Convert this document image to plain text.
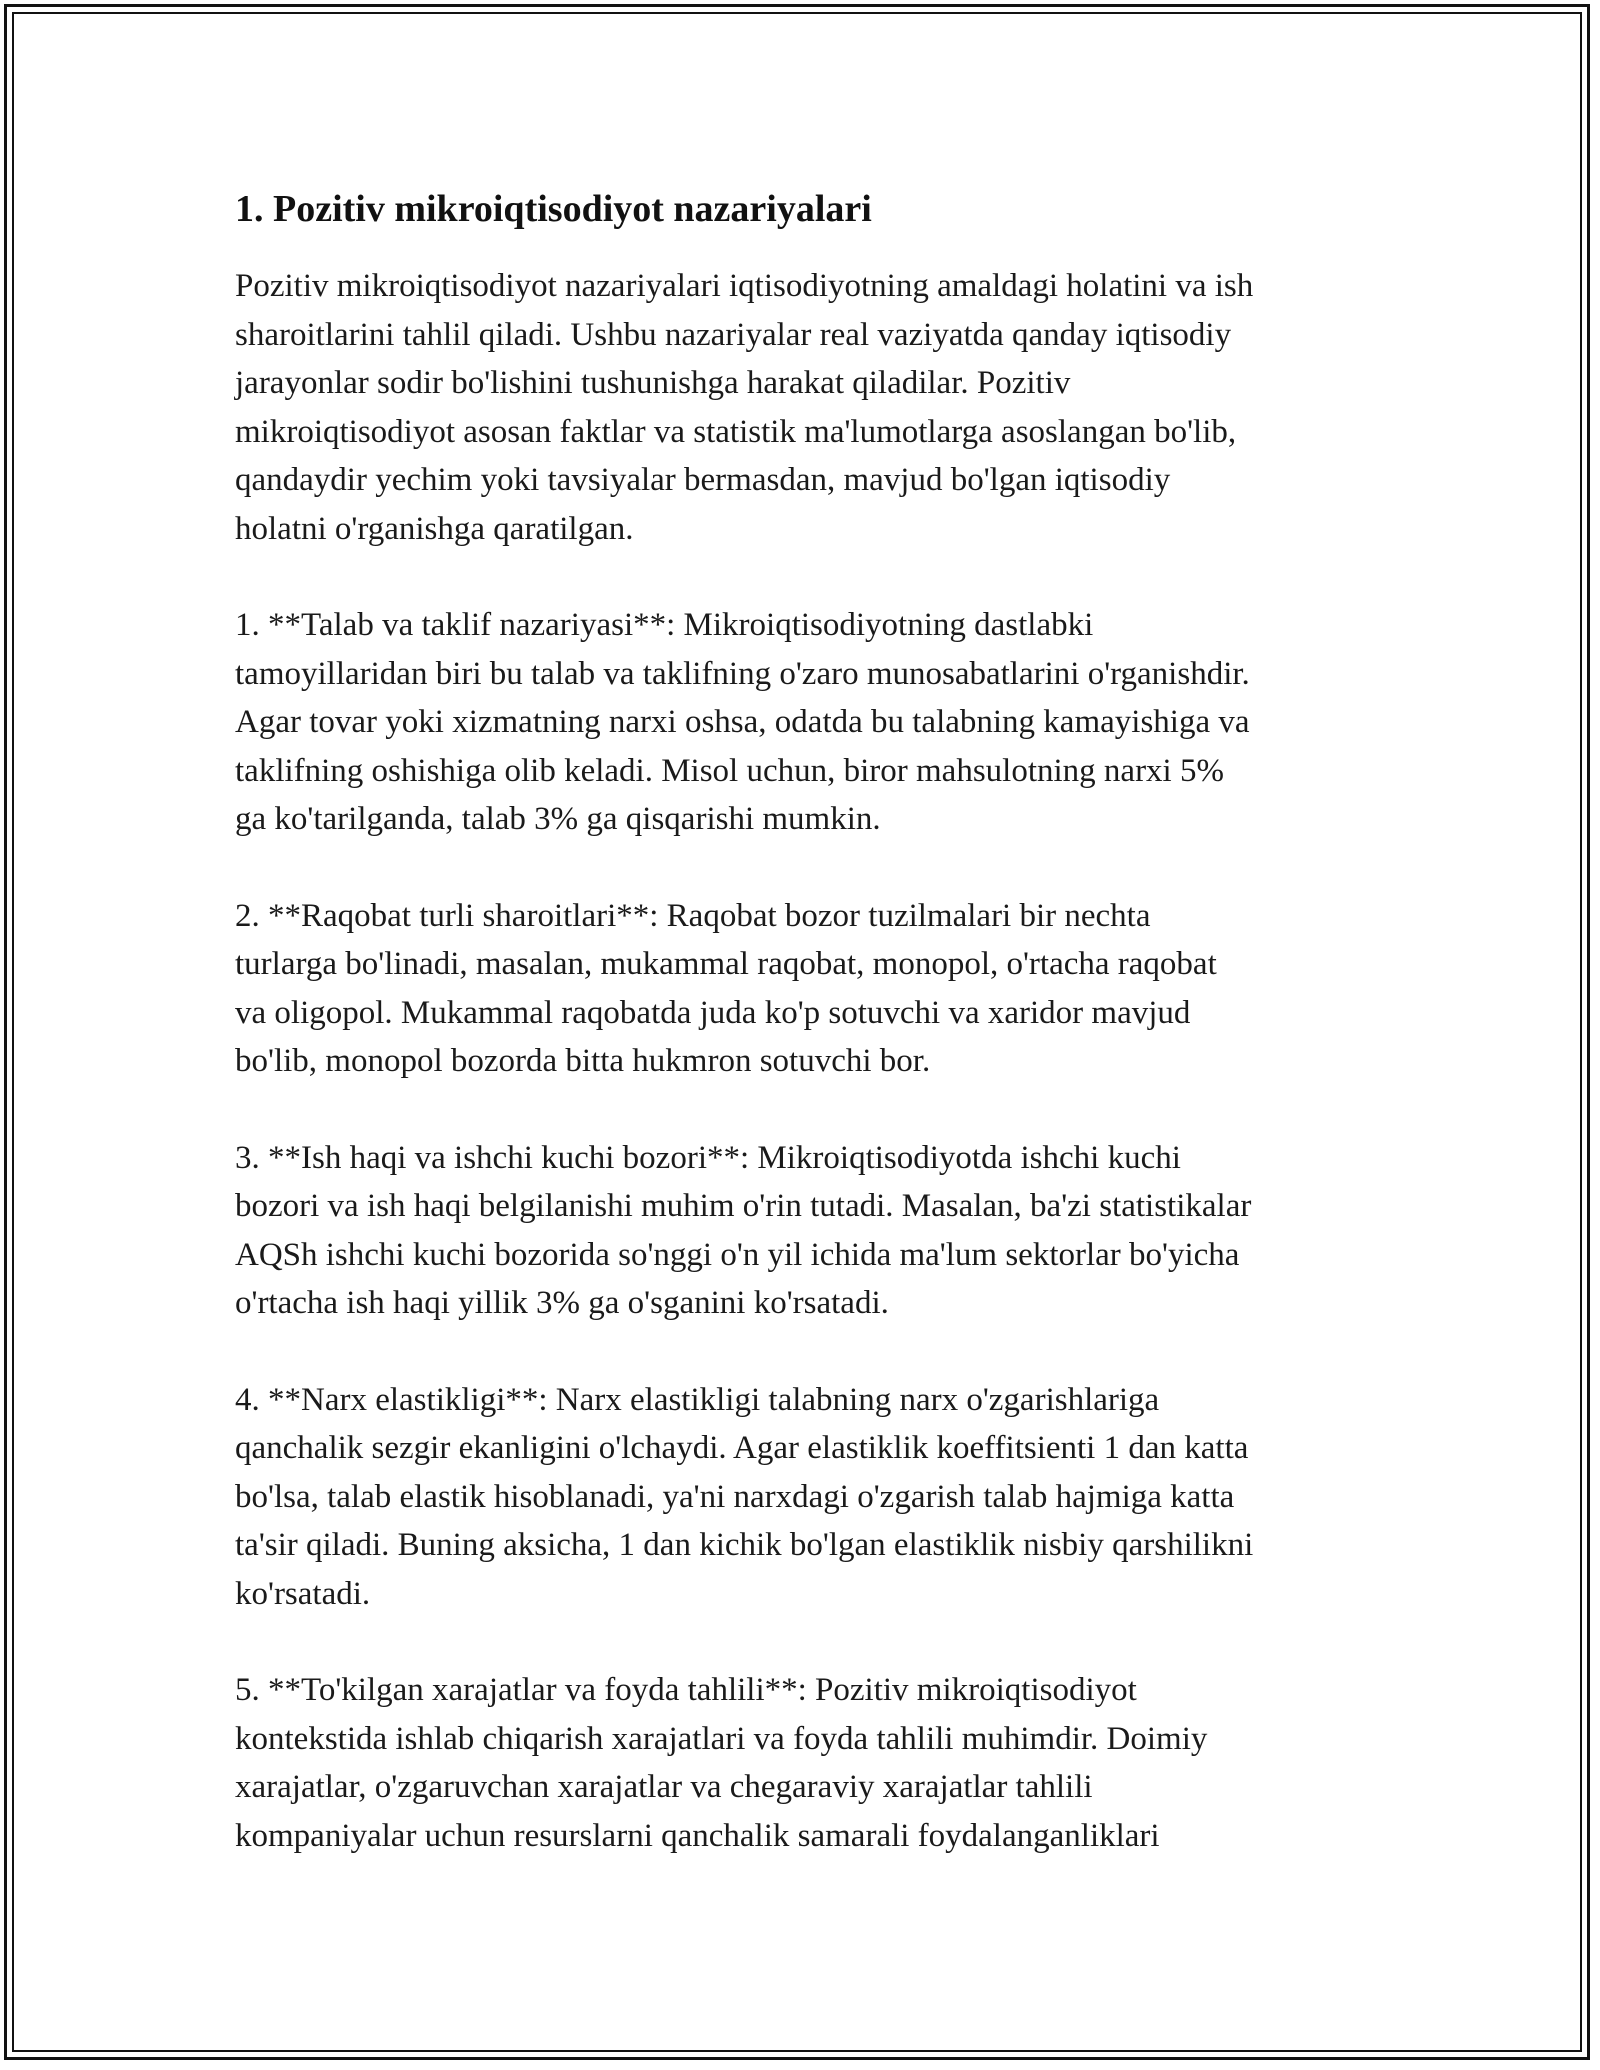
1. Pozitiv mikroiqtisodiyot nazariyalari

Pozitiv mikroiqtisodiyot nazariyalari iqtisodiyotning amaldagi holatini va ish
sharoitlarini tahlil qiladi. Ushbu nazariyalar real vaziyatda qanday iqtisodiy
jarayonlar sodir bo'lishini tushunishga harakat qiladilar. Pozitiv
mikroiqtisodiyot asosan faktlar va statistik ma'lumotlarga asoslangan bo'lib,
qandaydir yechim yoki tavsiyalar bermasdan, mavjud bo'lgan iqtisodiy
holatni o'rganishga qaratilgan.

1. **Talab va taklif nazariyasi**: Mikroiqtisodiyotning dastlabki
tamoyillaridan biri bu talab va taklifning o'zaro munosabatlarini o'rganishdir.
Agar tovar yoki xizmatning narxi oshsa, odatda bu talabning kamayishiga va
taklifning oshishiga olib keladi. Misol uchun, biror mahsulotning narxi 5%
ga ko'tarilganda, talab 3% ga qisqarishi mumkin.

2. **Raqobat turli sharoitlari**: Raqobat bozor tuzilmalari bir nechta
turlarga bo'linadi, masalan, mukammal raqobat, monopol, o'rtacha raqobat
va oligopol. Mukammal raqobatda juda ko'p sotuvchi va xaridor mavjud
bo'lib, monopol bozorda bitta hukmron sotuvchi bor.

3. **Ish haqi va ishchi kuchi bozori**: Mikroiqtisodiyotda ishchi kuchi
bozori va ish haqi belgilanishi muhim o'rin tutadi. Masalan, ba'zi statistikalar
AQSh ishchi kuchi bozorida so'nggi o'n yil ichida ma'lum sektorlar bo'yicha
o'rtacha ish haqi yillik 3% ga o'sganini ko'rsatadi.

4. **Narx elastikligi**: Narx elastikligi talabning narx o'zgarishlariga
qanchalik sezgir ekanligini o'lchaydi. Agar elastiklik koeffitsienti 1 dan katta
bo'lsa, talab elastik hisoblanadi, ya'ni narxdagi o'zgarish talab hajmiga katta
ta'sir qiladi. Buning aksicha, 1 dan kichik bo'lgan elastiklik nisbiy qarshilikni
ko'rsatadi.

5. **To'kilgan xarajatlar va foyda tahlili**: Pozitiv mikroiqtisodiyot
kontekstida ishlab chiqarish xarajatlari va foyda tahlili muhimdir. Doimiy
xarajatlar, o'zgaruvchan xarajatlar va chegaraviy xarajatlar tahlili
kompaniyalar uchun resurslarni qanchalik samarali foydalanganliklari
